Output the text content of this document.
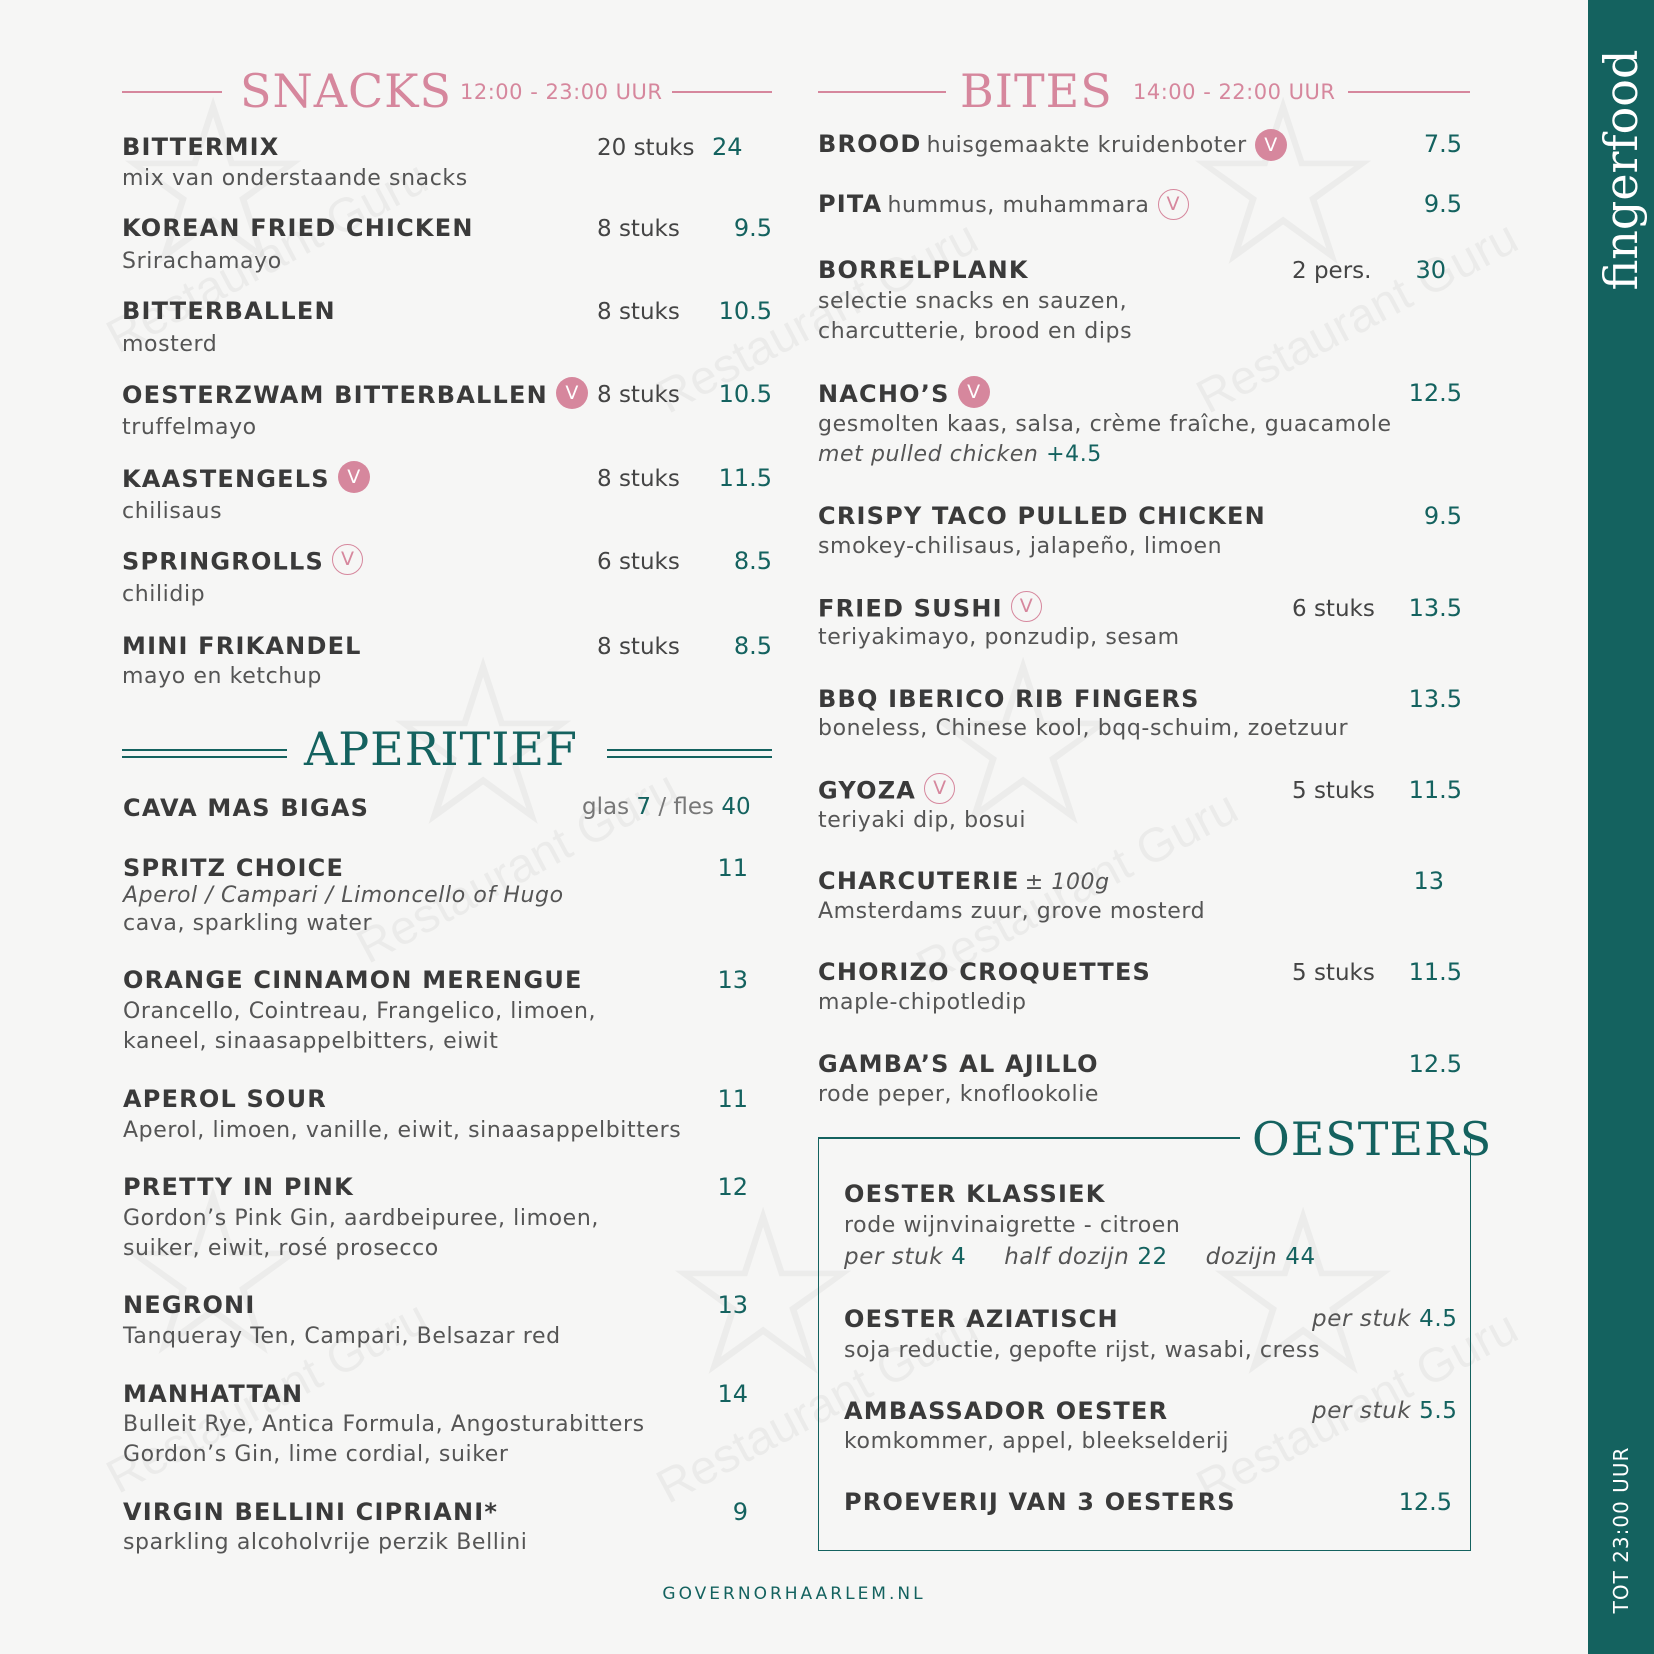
SNACKS 12:00 - 23:00 UUR
BITTERMIX
mix van onderstaande snacks
20 stuks 24
KOREAN FRIED CHICKEN
Srirachamayo
8 stuks	9.5
BITTERBALLEN
mosterd
8 stuks	10.5
OESTERZWAM BITTERBALLEN V
truffelmayo
8 stuks	10.5
KAASTENGELS V
chilisaus
8 stuks	11.5
SPRINGROLLS V
chilidip
6 stuks	8.5
MINI FRIKANDEL
mayo en ketchup
8 stuks	8.5
APERITIEF
CAVA MAS BIGAS	glas 7 / fles 40
SPRITZ CHOICE
Aperol / Campari / Limoncello of Hugo
cava, sparkling water
11
ORANGE CINNAMON MERENGUE
Orancello, Cointreau, Frangelico, limoen,
kaneel, sinaasappelbitters, eiwit
13
APEROL SOUR
Aperol, limoen, vanille, eiwit, sinaasappelbitters
11
PRETTY IN PINK
Gordon’s Pink Gin, aardbeipuree, limoen,
suiker, eiwit, rosé prosecco
12
NEGRONI
Tanqueray Ten, Campari, Belsazar red
13
MANHATTAN
Bulleit Rye, Antica Formula, Angosturabitters
Gordon’s Gin, lime cordial, suiker
14
VIRGIN BELLINI CIPRIANI*
sparkling alcoholvrije perzik Bellini
9
BITES 14:00 - 22:00 UUR
BROOD huisgemaakte kruidenboter V	7.5
PITA hummus, muhammara V	9.5
BORRELPLANK	2 pers.	30
selectie snacks en sauzen,
charcutterie, brood en dips
NACHO’S V	12.5
gesmolten kaas, salsa, crème fraîche, guacamole
met pulled chicken +4.5
CRISPY TACO PULLED CHICKEN	9.5
smokey-chilisaus, jalapeño, limoen
FRIED SUSHI V	6 stuks	13.5
teriyakimayo, ponzudip, sesam
BBQ IBERICO RIB FINGERS	13.5
boneless, Chinese kool, bqq-schuim, zoetzuur
GYOZA V	5 stuks	11.5
teriyaki dip, bosui
CHARCUTERIE ± 100g	13
Amsterdams zuur, grove mosterd
CHORIZO CROQUETTES	5 stuks	11.5
maple-chipotledip
GAMBA’S AL AJILLO	12.5
rode peper, knoflookolie
OESTERS
OESTER KLASSIEK
rode wijnvinaigrette - citroen
per stuk 4 half dozijn 22 dozijn 44
OESTER AZIATISCH	per stuk 4.5
soja reductie, gepofte rijst, wasabi, cress
AMBASSADOR OESTER	per stuk 5.5
komkommer, appel, bleekselderij
PROEVERIJ VAN 3 OESTERS	12.5
fingerfood
TOT 23:00 UUR
GOVERNORHAARLEM.NL
